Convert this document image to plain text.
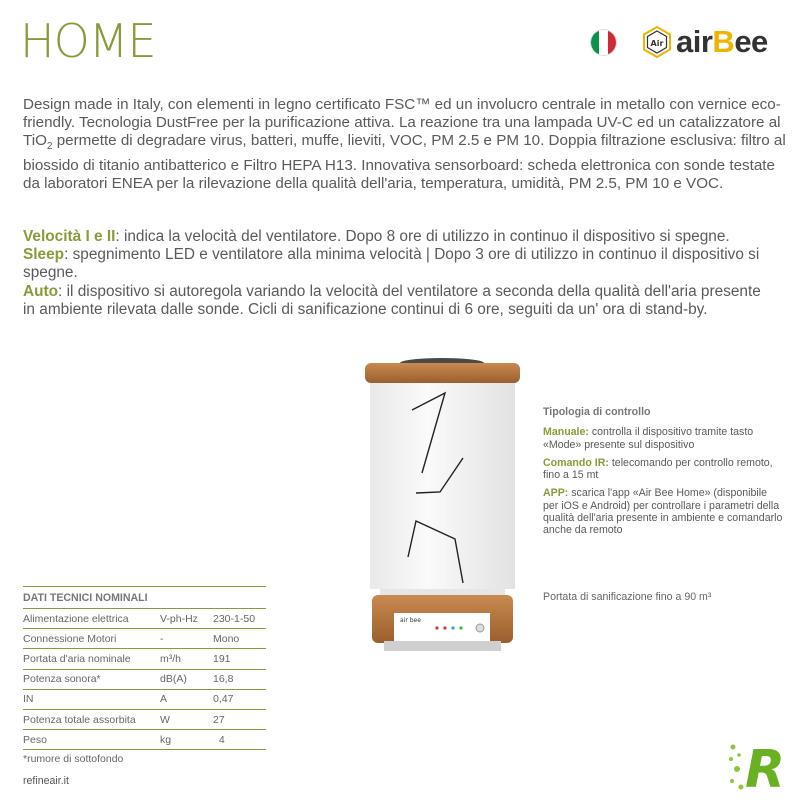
HOME	Air airBee
Design made in Italy, con elementi in legno certificato FSC™ ed un involucro centrale in metallo con vernice eco-friendly. Tecnologia DustFree per la purificazione attiva. La reazione tra una lampada UV-C ed un catalizzatore al TiO$_2$ permette di degradare virus, batteri, muffe, lieviti, VOC, PM 2.5 e PM 10. Doppia filtrazione esclusiva: filtro al biossido di titanio antibatterico e Filtro HEPA H13. Innovativa sensorboard: scheda elettronica con sonde testate da laboratori ENEA per la rilevazione della qualità dell'aria, temperatura, umidità, PM 2.5, PM 10 e VOC.

Velocità I e II: indica la velocità del ventilatore. Dopo 8 ore di utilizzo in continuo il dispositivo si spegne.

Sleep: spegnimento LED e ventilatore alla minima velocità | Dopo 3 ore di utilizzo in continuo il dispositivo si spegne.

Auto: il dispositivo si autoregola variando la velocità del ventilatore a seconda della qualità dell'aria presente in ambiente rilevata dalle sonde. Cicli di sanificazione continui di 6 ore, seguiti da un' ora di stand-by.

air bee
Tipologia di controllo

Manuale: controlla il dispositivo tramite tasto «Mode» presente sul dispositivo

Comando IR: telecomando per controllo remoto, fino a 15 mt

APP: scarica l'app «Air Bee Home» (disponibile per iOS e Android) per controllare i parametri della qualità dell'aria presente in ambiente e comandarlo anche da remoto

Portata di sanificazione fino a 90 m³
DATI TECNICI NOMINALI
Alimentazione elettrica	V-ph-Hz	230-1-50
Connessione Motori	-	Mono
Portata d'aria nominale	m³/h	191
Potenza sonora*	dB(A)	16,8
IN	A	0,47
Potenza totale assorbita	W	27
Peso	kg	4
*rumore di sottofondo
refineair.it	R
